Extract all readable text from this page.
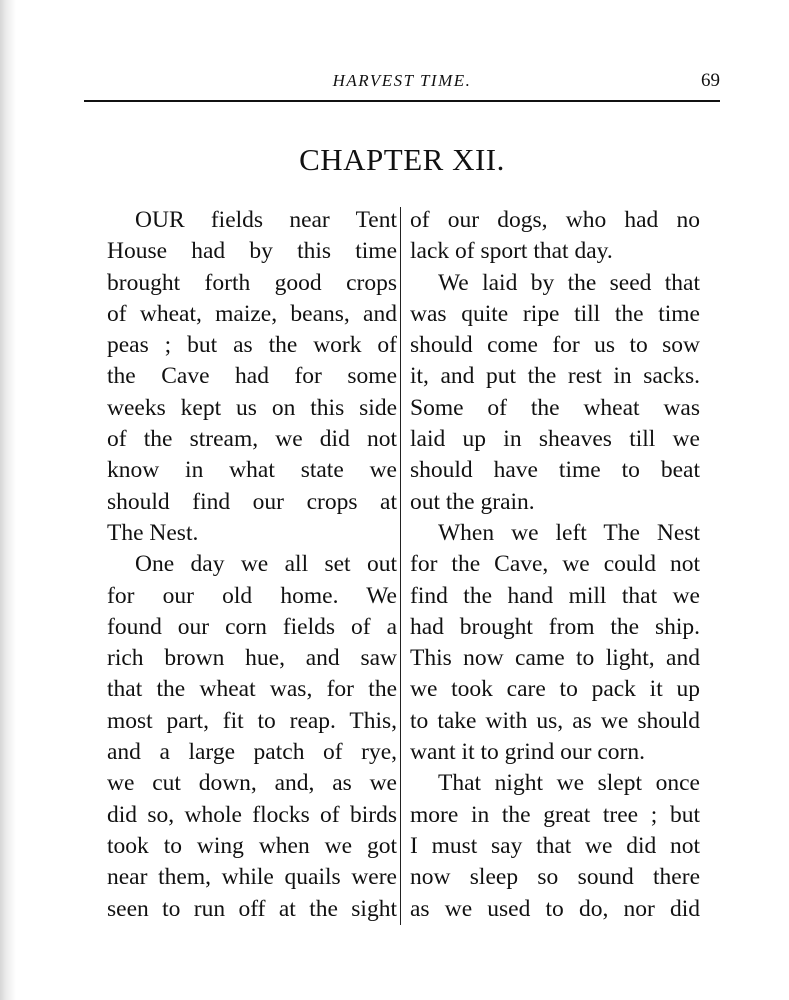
HARVEST TIME.	69
CHAPTER XII.
OUR fields near Tent
House had by this time
brought forth good crops
of wheat, maize, beans, and
peas ; but as the work of
the Cave had for some
weeks kept us on this side
of the stream, we did not
know in what state we
should find our crops at
The Nest.
One day we all set out
for our old home. We
found our corn fields of a
rich brown hue, and saw
that the wheat was, for the
most part, fit to reap. This,
and a large patch of rye,
we cut down, and, as we
did so, whole flocks of birds
took to wing when we got
near them, while quails were
seen to run off at the sight
of our dogs, who had no
lack of sport that day.
We laid by the seed that
was quite ripe till the time
should come for us to sow
it, and put the rest in sacks.
Some of the wheat was
laid up in sheaves till we
should have time to beat
out the grain.
When we left The Nest
for the Cave, we could not
find the hand mill that we
had brought from the ship.
This now came to light, and
we took care to pack it up
to take with us, as we should
want it to grind our corn.
That night we slept once
more in the great tree ; but
I must say that we did not
now sleep so sound there
as we used to do, nor did
